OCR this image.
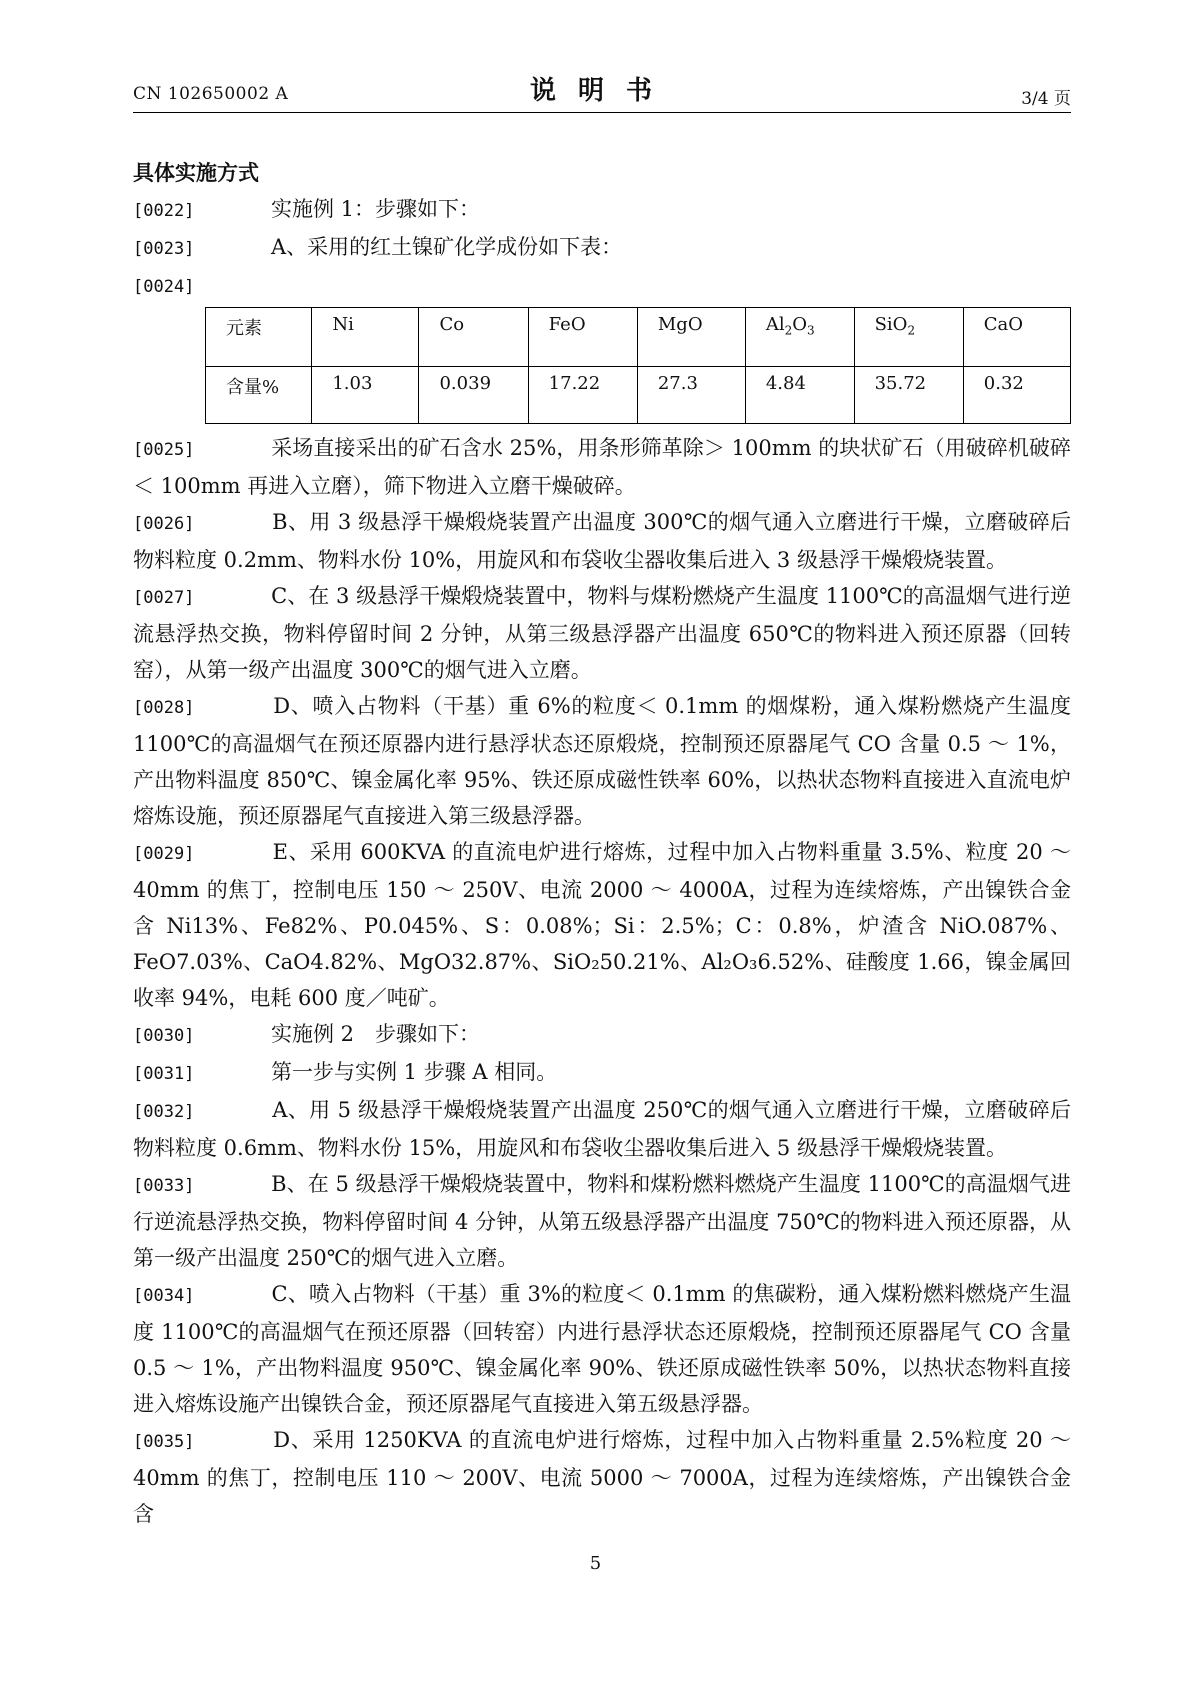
CN 102650002 A	说明书	3/4 页
具体实施方式
[0022]　　实施例 1：步骤如下：
[0023]　　A、采用的红土镍矿化学成份如下表：
[0024]
元素	Ni	Co	FeO	MgO	$Al_2O_3$	SiO$_2$	CaO
含量%	1.03	0.039	17.22	27.3	4.84	35.72	0.32
[0025]　　采场直接采出的矿石含水 25%，用条形筛革除＞ 100mm 的块状矿石（用破碎机破碎＜ 100mm 再进入立磨），筛下物进入立磨干燥破碎。
[0026]　　B、用 3 级悬浮干燥煅烧装置产出温度 300℃的烟气通入立磨进行干燥，立磨破碎后物料粒度 0.2mm、物料水份 10%，用旋风和布袋收尘器收集后进入 3 级悬浮干燥煅烧装置。
[0027]　　C、在 3 级悬浮干燥煅烧装置中，物料与煤粉燃烧产生温度 1100℃的高温烟气进行逆流悬浮热交换，物料停留时间 2 分钟，从第三级悬浮器产出温度 650℃的物料进入预还原器（回转窑），从第一级产出温度 300℃的烟气进入立磨。
[0028]　　D、喷入占物料（干基）重 6%的粒度＜ 0.1mm 的烟煤粉，通入煤粉燃烧产生温度 1100℃的高温烟气在预还原器内进行悬浮状态还原煅烧，控制预还原器尾气 CO 含量 0.5 ～ 1%，产出物料温度 850℃、镍金属化率 95%、铁还原成磁性铁率 60%，以热状态物料直接进入直流电炉熔炼设施，预还原器尾气直接进入第三级悬浮器。
[0029]　　E、采用 600KVA 的直流电炉进行熔炼，过程中加入占物料重量 3.5%、粒度 20 ～ 40mm 的焦丁，控制电压 150 ～ 250V、电流 2000 ～ 4000A，过程为连续熔炼，产出镍铁合金含 Ni13%、Fe82%、P0.045%、S：0.08%；Si：2.5%；C：0.8%，炉渣含 NiO.087%、FeO7.03%、CaO4.82%、MgO32.87%、SiO₂50.21%、Al₂O₃6.52%、硅酸度 1.66，镍金属回收率 94%，电耗 600 度／吨矿。
[0030]　　实施例 2　步骤如下：
[0031]　　第一步与实例 1 步骤 A 相同。
[0032]　　A、用 5 级悬浮干燥煅烧装置产出温度 250℃的烟气通入立磨进行干燥，立磨破碎后物料粒度 0.6mm、物料水份 15%，用旋风和布袋收尘器收集后进入 5 级悬浮干燥煅烧装置。
[0033]　　B、在 5 级悬浮干燥煅烧装置中，物料和煤粉燃料燃烧产生温度 1100℃的高温烟气进行逆流悬浮热交换，物料停留时间 4 分钟，从第五级悬浮器产出温度 750℃的物料进入预还原器，从第一级产出温度 250℃的烟气进入立磨。
[0034]　　C、喷入占物料（干基）重 3%的粒度＜ 0.1mm 的焦碳粉，通入煤粉燃料燃烧产生温度 1100℃的高温烟气在预还原器（回转窑）内进行悬浮状态还原煅烧，控制预还原器尾气 CO 含量 0.5 ～ 1%，产出物料温度 950℃、镍金属化率 90%、铁还原成磁性铁率 50%，以热状态物料直接进入熔炼设施产出镍铁合金，预还原器尾气直接进入第五级悬浮器。
[0035]　　D、采用 1250KVA 的直流电炉进行熔炼，过程中加入占物料重量 2.5%粒度 20 ～ 40mm 的焦丁，控制电压 110 ～ 200V、电流 5000 ～ 7000A，过程为连续熔炼，产出镍铁合金含
5
